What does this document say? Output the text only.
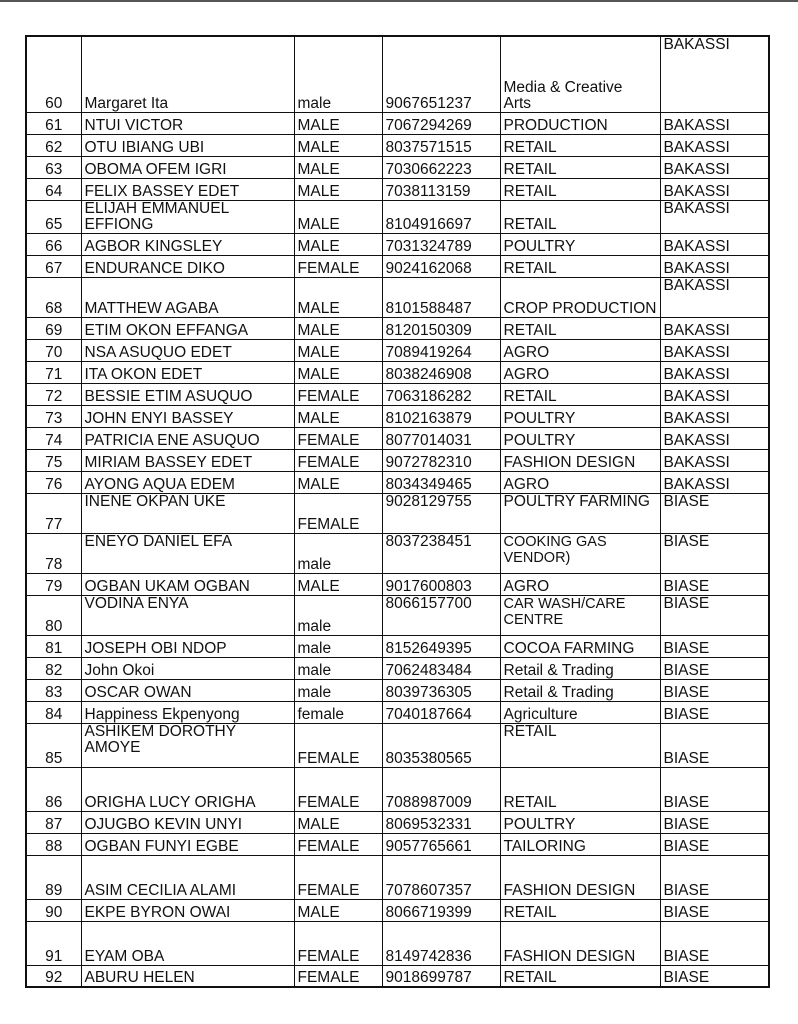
60	Margaret Ita	male	9067651237	Media & Creative
Arts	BAKASSI
61	NTUI VICTOR	MALE	7067294269	PRODUCTION	BAKASSI
62	OTU IBIANG UBI	MALE	8037571515	RETAIL	BAKASSI
63	OBOMA OFEM IGRI	MALE	7030662223	RETAIL	BAKASSI
64	FELIX BASSEY EDET	MALE	7038113159	RETAIL	BAKASSI
65	ELIJAH EMMANUEL
EFFIONG	MALE	8104916697	RETAIL	BAKASSI
66	AGBOR KINGSLEY	MALE	7031324789	POULTRY	BAKASSI
67	ENDURANCE DIKO	FEMALE	9024162068	RETAIL	BAKASSI
68	MATTHEW AGABA	MALE	8101588487	CROP PRODUCTION	BAKASSI
69	ETIM OKON EFFANGA	MALE	8120150309	RETAIL	BAKASSI
70	NSA ASUQUO EDET	MALE	7089419264	AGRO	BAKASSI
71	ITA OKON EDET	MALE	8038246908	AGRO	BAKASSI
72	BESSIE ETIM ASUQUO	FEMALE	7063186282	RETAIL	BAKASSI
73	JOHN ENYI BASSEY	MALE	8102163879	POULTRY	BAKASSI
74	PATRICIA ENE ASUQUO	FEMALE	8077014031	POULTRY	BAKASSI
75	MIRIAM BASSEY EDET	FEMALE	9072782310	FASHION DESIGN	BAKASSI
76	AYONG AQUA EDEM	MALE	8034349465	AGRO	BAKASSI
77	INENE OKPAN UKE	FEMALE	9028129755	POULTRY FARMING	BIASE
78	ENEYO DANIEL EFA	male	8037238451	COOKING GAS
VENDOR)	BIASE
79	OGBAN UKAM OGBAN	MALE	9017600803	AGRO	BIASE
80	VODINA ENYA	male	8066157700	CAR WASH/CARE
CENTRE	BIASE
81	JOSEPH OBI NDOP	male	8152649395	COCOA FARMING	BIASE
82	John Okoi	male	7062483484	Retail & Trading	BIASE
83	OSCAR OWAN	male	8039736305	Retail & Trading	BIASE
84	Happiness Ekpenyong	female	7040187664	Agriculture	BIASE
85	ASHIKEM DOROTHY
AMOYE	FEMALE	8035380565	RETAIL	BIASE
86	ORIGHA LUCY ORIGHA	FEMALE	7088987009	RETAIL	BIASE
87	OJUGBO KEVIN UNYI	MALE	8069532331	POULTRY	BIASE
88	OGBAN FUNYI EGBE	FEMALE	9057765661	TAILORING	BIASE
89	ASIM CECILIA ALAMI	FEMALE	7078607357	FASHION DESIGN	BIASE
90	EKPE BYRON OWAI	MALE	8066719399	RETAIL	BIASE
91	EYAM OBA	FEMALE	8149742836	FASHION DESIGN	BIASE
92	ABURU HELEN	FEMALE	9018699787	RETAIL	BIASE
